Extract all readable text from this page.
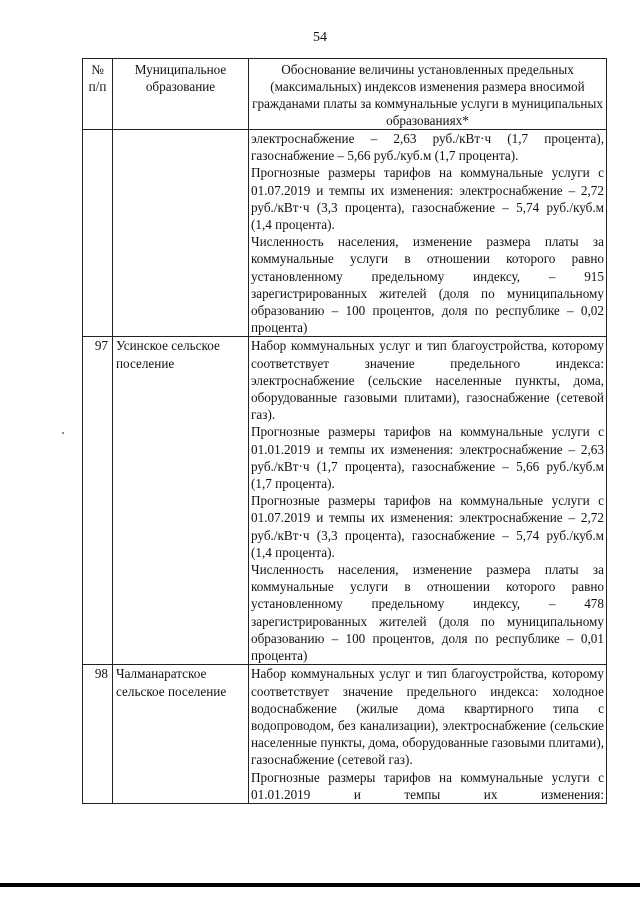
54
№ п/п	Муниципальное образование	Обоснование величины установленных предельных (максимальных) индексов изменения размера вносимой гражданами платы за коммунальные услуги в муниципальных образованиях*

		электроснабжение – 2,63 руб./кВт·ч (1,7 процента), газоснабжение – 5,66 руб./куб.м (1,7 процента).
Прогнозные размеры тарифов на коммунальные услуги с 01.07.2019 и темпы их изменения: электроснабжение – 2,72 руб./кВт·ч (3,3 процента), газоснабжение – 5,74 руб./куб.м (1,4 процента).
Численность населения, изменение размера платы за коммунальные услуги в отношении которого равно установленному предельному индексу, – 915 зарегистрированных жителей (доля по муниципальному образованию – 100 процентов, доля по республике – 0,02 процента)

97	Усинское сельское поселение	Набор коммунальных услуг и тип благоустройства, которому соответствует значение предельного индекса: электроснабжение (сельские населенные пункты, дома, оборудованные газовыми плитами), газоснабжение (сетевой газ).
Прогнозные размеры тарифов на коммунальные услуги с 01.01.2019 и темпы их изменения: электроснабжение – 2,63 руб./кВт·ч (1,7 процента), газоснабжение – 5,66 руб./куб.м (1,7 процента).
Прогнозные размеры тарифов на коммунальные услуги с 01.07.2019 и темпы их изменения: электроснабжение – 2,72 руб./кВт·ч (3,3 процента), газоснабжение – 5,74 руб./куб.м (1,4 процента).
Численность населения, изменение размера платы за коммунальные услуги в отношении которого равно установленному предельному индексу, – 478 зарегистрированных жителей (доля по муниципальному образованию – 100 процентов, доля по республике – 0,01 процента)

98	Чалманаратское сельское поселение	Набор коммунальных услуг и тип благоустройства, которому соответствует значение предельного индекса: холодное водоснабжение (жилые дома квартирного типа с водопроводом, без канализации), электроснабжение (сельские населенные пункты, дома, оборудованные газовыми плитами), газоснабжение (сетевой газ).
Прогнозные размеры тарифов на коммунальные услуги с 01.01.2019 и темпы их изменения:
